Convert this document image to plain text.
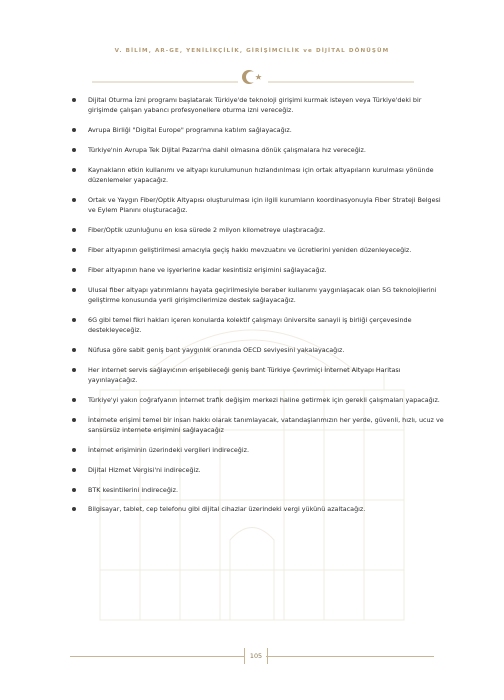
V. BİLİM, AR-GE, YENİLİKÇİLİK, GİRİŞİMCİLİK ve DİJİTAL DÖNÜŞÜM
Dijital Oturma İzni programı başlatarak Türkiye'de teknoloji girişimi kurmak isteyen veya Türkiye'deki bir girişimde çalışan yabancı profesyonellere oturma izni vereceğiz.
Avrupa Birliği "Digital Europe" programına katılım sağlayacağız.
Türkiye'nin Avrupa Tek Dijital Pazarı'na dahil olmasına dönük çalışmalara hız vereceğiz.
Kaynakların etkin kullanımı ve altyapı kurulumunun hızlandırılması için ortak altyapıların kurulması yönünde düzenlemeler yapacağız.
Ortak ve Yaygın Fiber/Optik Altyapısı oluşturulması için ilgili kurumların koordinasyonuyla Fiber Strateji Belgesi ve Eylem Planını oluşturacağız.
Fiber/Optik uzunluğunu en kısa sürede 2 milyon kilometreye ulaştıracağız.
Fiber altyapının geliştirilmesi amacıyla geçiş hakkı mevzuatını ve ücretlerini yeniden düzenleyeceğiz.
Fiber altyapının hane ve işyerlerine kadar kesintisiz erişimini sağlayacağız.
Ulusal fiber altyapı yatırımlarını hayata geçirilmesiyle beraber kullanımı yaygınlaşacak olan 5G teknolojilerini geliştirme konusunda yerli girişimcilerimize destek sağlayacağız.
6G gibi temel fikri hakları içeren konularda kolektif çalışmayı üniversite sanayii iş birliği çerçevesinde destekleyeceğiz.
Nüfusa göre sabit geniş bant yaygınlık oranında OECD seviyesini yakalayacağız.
Her internet servis sağlayıcının erişebileceği geniş bant Türkiye Çevrimiçi İnternet Altyapı Haritası yayınlayacağız.
Türkiye'yi yakın coğrafyanın internet trafik değişim merkezi haline getirmek için gerekli çalışmaları yapacağız.
İnternete erişimi temel bir insan hakkı olarak tanımlayacak, vatandaşlarımızın her yerde, güvenli, hızlı, ucuz ve sansürsüz internete erişimini sağlayacağız
İnternet erişiminin üzerindeki vergileri indireceğiz.
Dijital Hizmet Vergisi'ni indireceğiz.
BTK kesintilerini indireceğiz.
Bilgisayar, tablet, cep telefonu gibi dijital cihazlar üzerindeki vergi yükünü azaltacağız.
105
